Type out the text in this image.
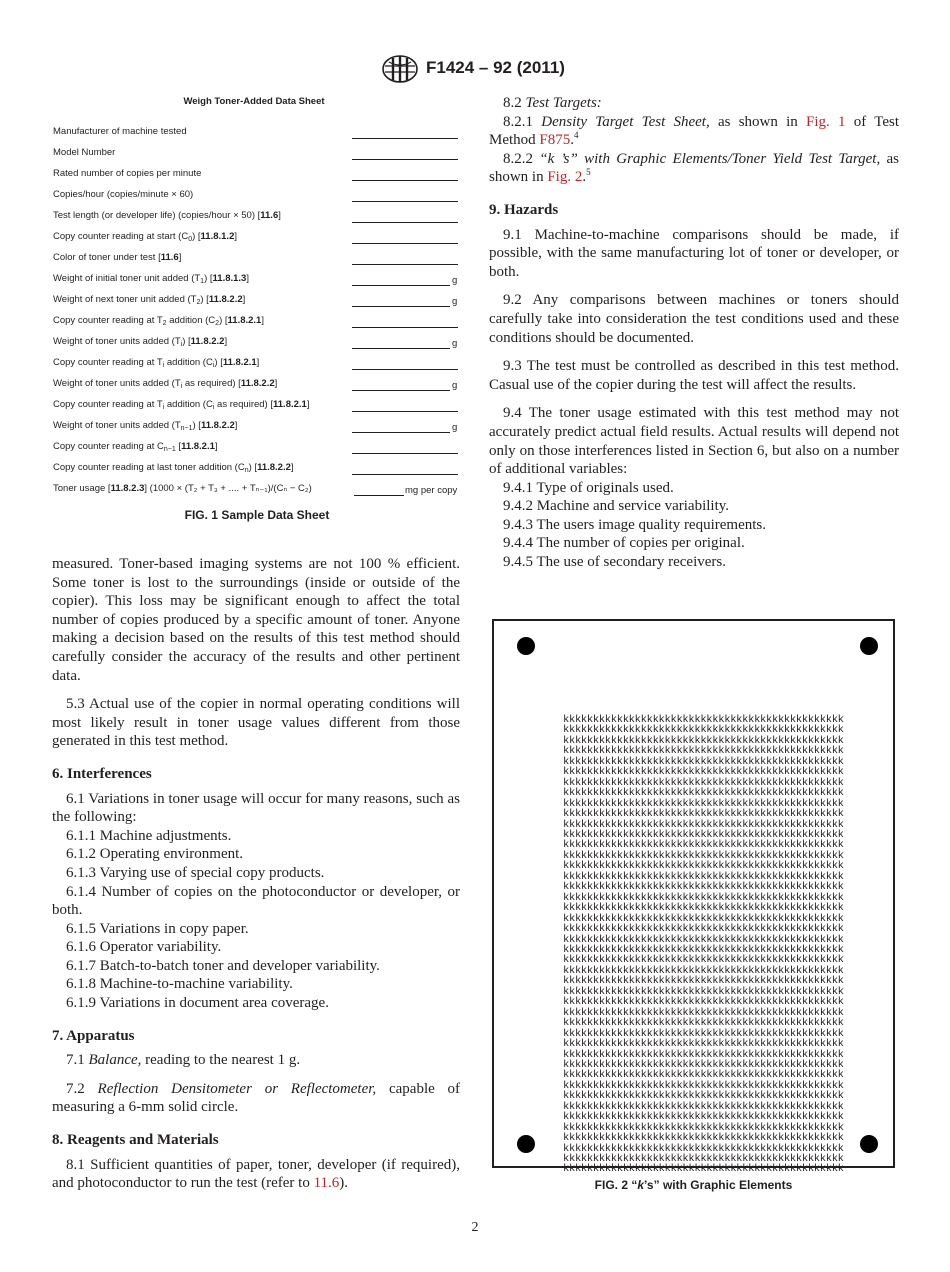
F1424 – 92 (2011)
Weigh Toner-Added Data Sheet
Manufacturer of machine tested
Model Number
Rated number of copies per minute
Copies/hour (copies/minute × 60)
Test length (or developer life) (copies/hour × 50) [11.6]
Copy counter reading at start $(C_0)$ [11.8.1.2]
Color of toner under test [11.6]
Weight of initial toner unit added $(T_1)$ [11.8.1.3]	g
Weight of next toner unit added $(T_2)$ [11.8.2.2]	g
Copy counter reading at $T_2$ addition $(C_2)$ [11.8.2.1]
Weight of toner units added $(T_i)$ [11.8.2.2]	g
Copy counter reading at $T_i$ addition $(C_i)$ [11.8.2.1]
Weight of toner units added ($T_i$ as required) [11.8.2.2]	g
Copy counter reading at $T_i$ addition ($C_i$ as required) [11.8.2.1]
Weight of toner units added $(T_{n-1})$ [11.8.2.2]	g
Copy counter reading at $C_{n-1}$ [11.8.2.1]
Copy counter reading at last toner addition $(C_n)$ [11.8.2.2]
Toner usage [11.8.2.3] (1000 × (T₂ + T₃ + .... + Tₙ₋₁)/(Cₙ − C₂)	mg per copy
FIG. 1 Sample Data Sheet

measured. Toner-based imaging systems are not 100 % efficient. Some toner is lost to the surroundings (inside or outside of the copier). This loss may be significant enough to affect the total number of copies produced by a specific amount of toner. Anyone making a decision based on the results of this test method should carefully consider the accuracy of the results and other pertinent data.

5.3 Actual use of the copier in normal operating conditions will most likely result in toner usage values different from those generated in this test method.

6. Interferences

6.1 Variations in toner usage will occur for many reasons, such as the following:

6.1.1 Machine adjustments.

6.1.2 Operating environment.

6.1.3 Varying use of special copy products.

6.1.4 Number of copies on the photoconductor or developer, or both.

6.1.5 Variations in copy paper.

6.1.6 Operator variability.

6.1.7 Batch-to-batch toner and developer variability.

6.1.8 Machine-to-machine variability.

6.1.9 Variations in document area coverage.

7. Apparatus

7.1 Balance, reading to the nearest 1 g.

7.2 Reflection Densitometer or Reflectometer, capable of measuring a 6-mm solid circle.

8. Reagents and Materials

8.1 Sufficient quantities of paper, toner, developer (if required), and photoconductor to run the test (refer to 11.6).

8.2 Test Targets:

8.2.1 Density Target Test Sheet, as shown in Fig. 1 of Test Method F875.$^4$

8.2.2 “k ’s” with Graphic Elements/Toner Yield Test Target, as shown in Fig. 2.$^5$

9. Hazards

9.1 Machine-to-machine comparisons should be made, if possible, with the same manufacturing lot of toner or developer, or both.

9.2 Any comparisons between machines or toners should carefully take into consideration the test conditions used and these conditions should be documented.

9.3 The test must be controlled as described in this test method. Casual use of the copier during the test will affect the results.

9.4 The toner usage estimated with this test method may not accurately predict actual field results. Actual results will depend not only on those interferences listed in Section 6, but also on a number of additional variables:

9.4.1 Type of originals used.

9.4.2 Machine and service variability.

9.4.3 The users image quality requirements.

9.4.4 The number of copies per original.

9.4.5 The use of secondary receivers.

kkkkkkkkkkkkkkkkkkkkkkkkkkkkkkkkkkkkkkkkkkkkkkk
kkkkkkkkkkkkkkkkkkkkkkkkkkkkkkkkkkkkkkkkkkkkkkk
kkkkkkkkkkkkkkkkkkkkkkkkkkkkkkkkkkkkkkkkkkkkkkk
kkkkkkkkkkkkkkkkkkkkkkkkkkkkkkkkkkkkkkkkkkkkkkk
kkkkkkkkkkkkkkkkkkkkkkkkkkkkkkkkkkkkkkkkkkkkkkk
kkkkkkkkkkkkkkkkkkkkkkkkkkkkkkkkkkkkkkkkkkkkkkk
kkkkkkkkkkkkkkkkkkkkkkkkkkkkkkkkkkkkkkkkkkkkkkk
kkkkkkkkkkkkkkkkkkkkkkkkkkkkkkkkkkkkkkkkkkkkkkk
kkkkkkkkkkkkkkkkkkkkkkkkkkkkkkkkkkkkkkkkkkkkkkk
kkkkkkkkkkkkkkkkkkkkkkkkkkkkkkkkkkkkkkkkkkkkkkk
kkkkkkkkkkkkkkkkkkkkkkkkkkkkkkkkkkkkkkkkkkkkkkk
kkkkkkkkkkkkkkkkkkkkkkkkkkkkkkkkkkkkkkkkkkkkkkk
kkkkkkkkkkkkkkkkkkkkkkkkkkkkkkkkkkkkkkkkkkkkkkk
kkkkkkkkkkkkkkkkkkkkkkkkkkkkkkkkkkkkkkkkkkkkkkk
kkkkkkkkkkkkkkkkkkkkkkkkkkkkkkkkkkkkkkkkkkkkkkk
kkkkkkkkkkkkkkkkkkkkkkkkkkkkkkkkkkkkkkkkkkkkkkk
kkkkkkkkkkkkkkkkkkkkkkkkkkkkkkkkkkkkkkkkkkkkkkk
kkkkkkkkkkkkkkkkkkkkkkkkkkkkkkkkkkkkkkkkkkkkkkk
kkkkkkkkkkkkkkkkkkkkkkkkkkkkkkkkkkkkkkkkkkkkkkk
kkkkkkkkkkkkkkkkkkkkkkkkkkkkkkkkkkkkkkkkkkkkkkk
kkkkkkkkkkkkkkkkkkkkkkkkkkkkkkkkkkkkkkkkkkkkkkk
kkkkkkkkkkkkkkkkkkkkkkkkkkkkkkkkkkkkkkkkkkkkkkk
kkkkkkkkkkkkkkkkkkkkkkkkkkkkkkkkkkkkkkkkkkkkkkk
kkkkkkkkkkkkkkkkkkkkkkkkkkkkkkkkkkkkkkkkkkkkkkk
kkkkkkkkkkkkkkkkkkkkkkkkkkkkkkkkkkkkkkkkkkkkkkk
kkkkkkkkkkkkkkkkkkkkkkkkkkkkkkkkkkkkkkkkkkkkkkk
kkkkkkkkkkkkkkkkkkkkkkkkkkkkkkkkkkkkkkkkkkkkkkk
kkkkkkkkkkkkkkkkkkkkkkkkkkkkkkkkkkkkkkkkkkkkkkk
kkkkkkkkkkkkkkkkkkkkkkkkkkkkkkkkkkkkkkkkkkkkkkk
kkkkkkkkkkkkkkkkkkkkkkkkkkkkkkkkkkkkkkkkkkkkkkk
kkkkkkkkkkkkkkkkkkkkkkkkkkkkkkkkkkkkkkkkkkkkkkk
kkkkkkkkkkkkkkkkkkkkkkkkkkkkkkkkkkkkkkkkkkkkkkk
kkkkkkkkkkkkkkkkkkkkkkkkkkkkkkkkkkkkkkkkkkkkkkk
kkkkkkkkkkkkkkkkkkkkkkkkkkkkkkkkkkkkkkkkkkkkkkk
kkkkkkkkkkkkkkkkkkkkkkkkkkkkkkkkkkkkkkkkkkkkkkk
kkkkkkkkkkkkkkkkkkkkkkkkkkkkkkkkkkkkkkkkkkkkkkk
kkkkkkkkkkkkkkkkkkkkkkkkkkkkkkkkkkkkkkkkkkkkkkk
kkkkkkkkkkkkkkkkkkkkkkkkkkkkkkkkkkkkkkkkkkkkkkk
kkkkkkkkkkkkkkkkkkkkkkkkkkkkkkkkkkkkkkkkkkkkkkk
kkkkkkkkkkkkkkkkkkkkkkkkkkkkkkkkkkkkkkkkkkkkkkk
kkkkkkkkkkkkkkkkkkkkkkkkkkkkkkkkkkkkkkkkkkkkkkk
kkkkkkkkkkkkkkkkkkkkkkkkkkkkkkkkkkkkkkkkkkkkkkk
kkkkkkkkkkkkkkkkkkkkkkkkkkkkkkkkkkkkkkkkkkkkkkk
kkkkkkkkkkkkkkkkkkkkkkkkkkkkkkkkkkkkkkkkkkkkkkk
FIG. 2 “k’s” with Graphic Elements
2
